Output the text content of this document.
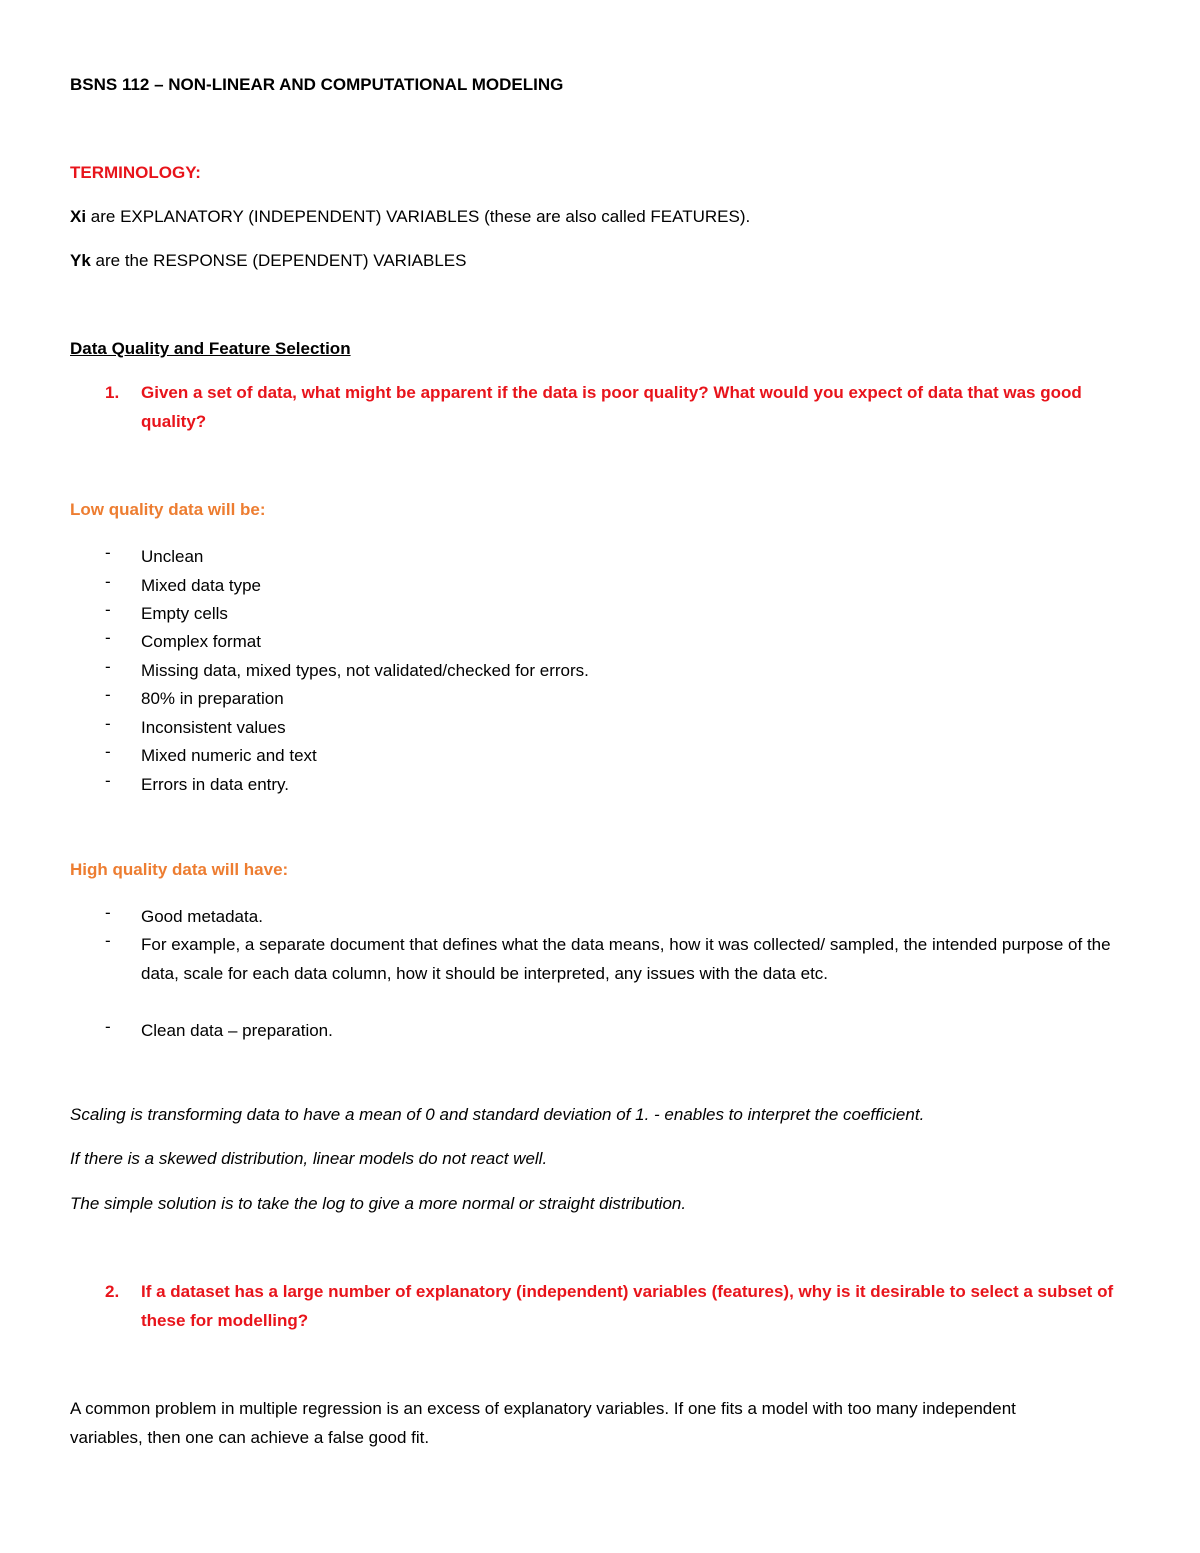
BSNS 112 – NON-LINEAR AND COMPUTATIONAL MODELING
TERMINOLOGY:
Xi are EXPLANATORY (INDEPENDENT) VARIABLES (these are also called FEATURES).
Yk are the RESPONSE (DEPENDENT) VARIABLES
Data Quality and Feature Selection
1. Given a set of data, what might be apparent if the data is poor quality? What would you expect of data that was good quality?
Low quality data will be:
- Unclean
- Mixed data type
- Empty cells
- Complex format
- Missing data, mixed types, not validated/checked for errors.
- 80% in preparation
- Inconsistent values
- Mixed numeric and text
- Errors in data entry.
High quality data will have:
- Good metadata.
- For example, a separate document that defines what the data means, how it was collected/ sampled, the intended purpose of the data, scale for each data column, how it should be interpreted, any issues with the data etc.
- Clean data – preparation.
Scaling is transforming data to have a mean of 0 and standard deviation of 1. - enables to interpret the coefficient.
If there is a skewed distribution, linear models do not react well.
The simple solution is to take the log to give a more normal or straight distribution.
2. If a dataset has a large number of explanatory (independent) variables (features), why is it desirable to select a subset of these for modelling?
A common problem in multiple regression is an excess of explanatory variables. If one fits a model with too many independent variables, then one can achieve a false good fit.
